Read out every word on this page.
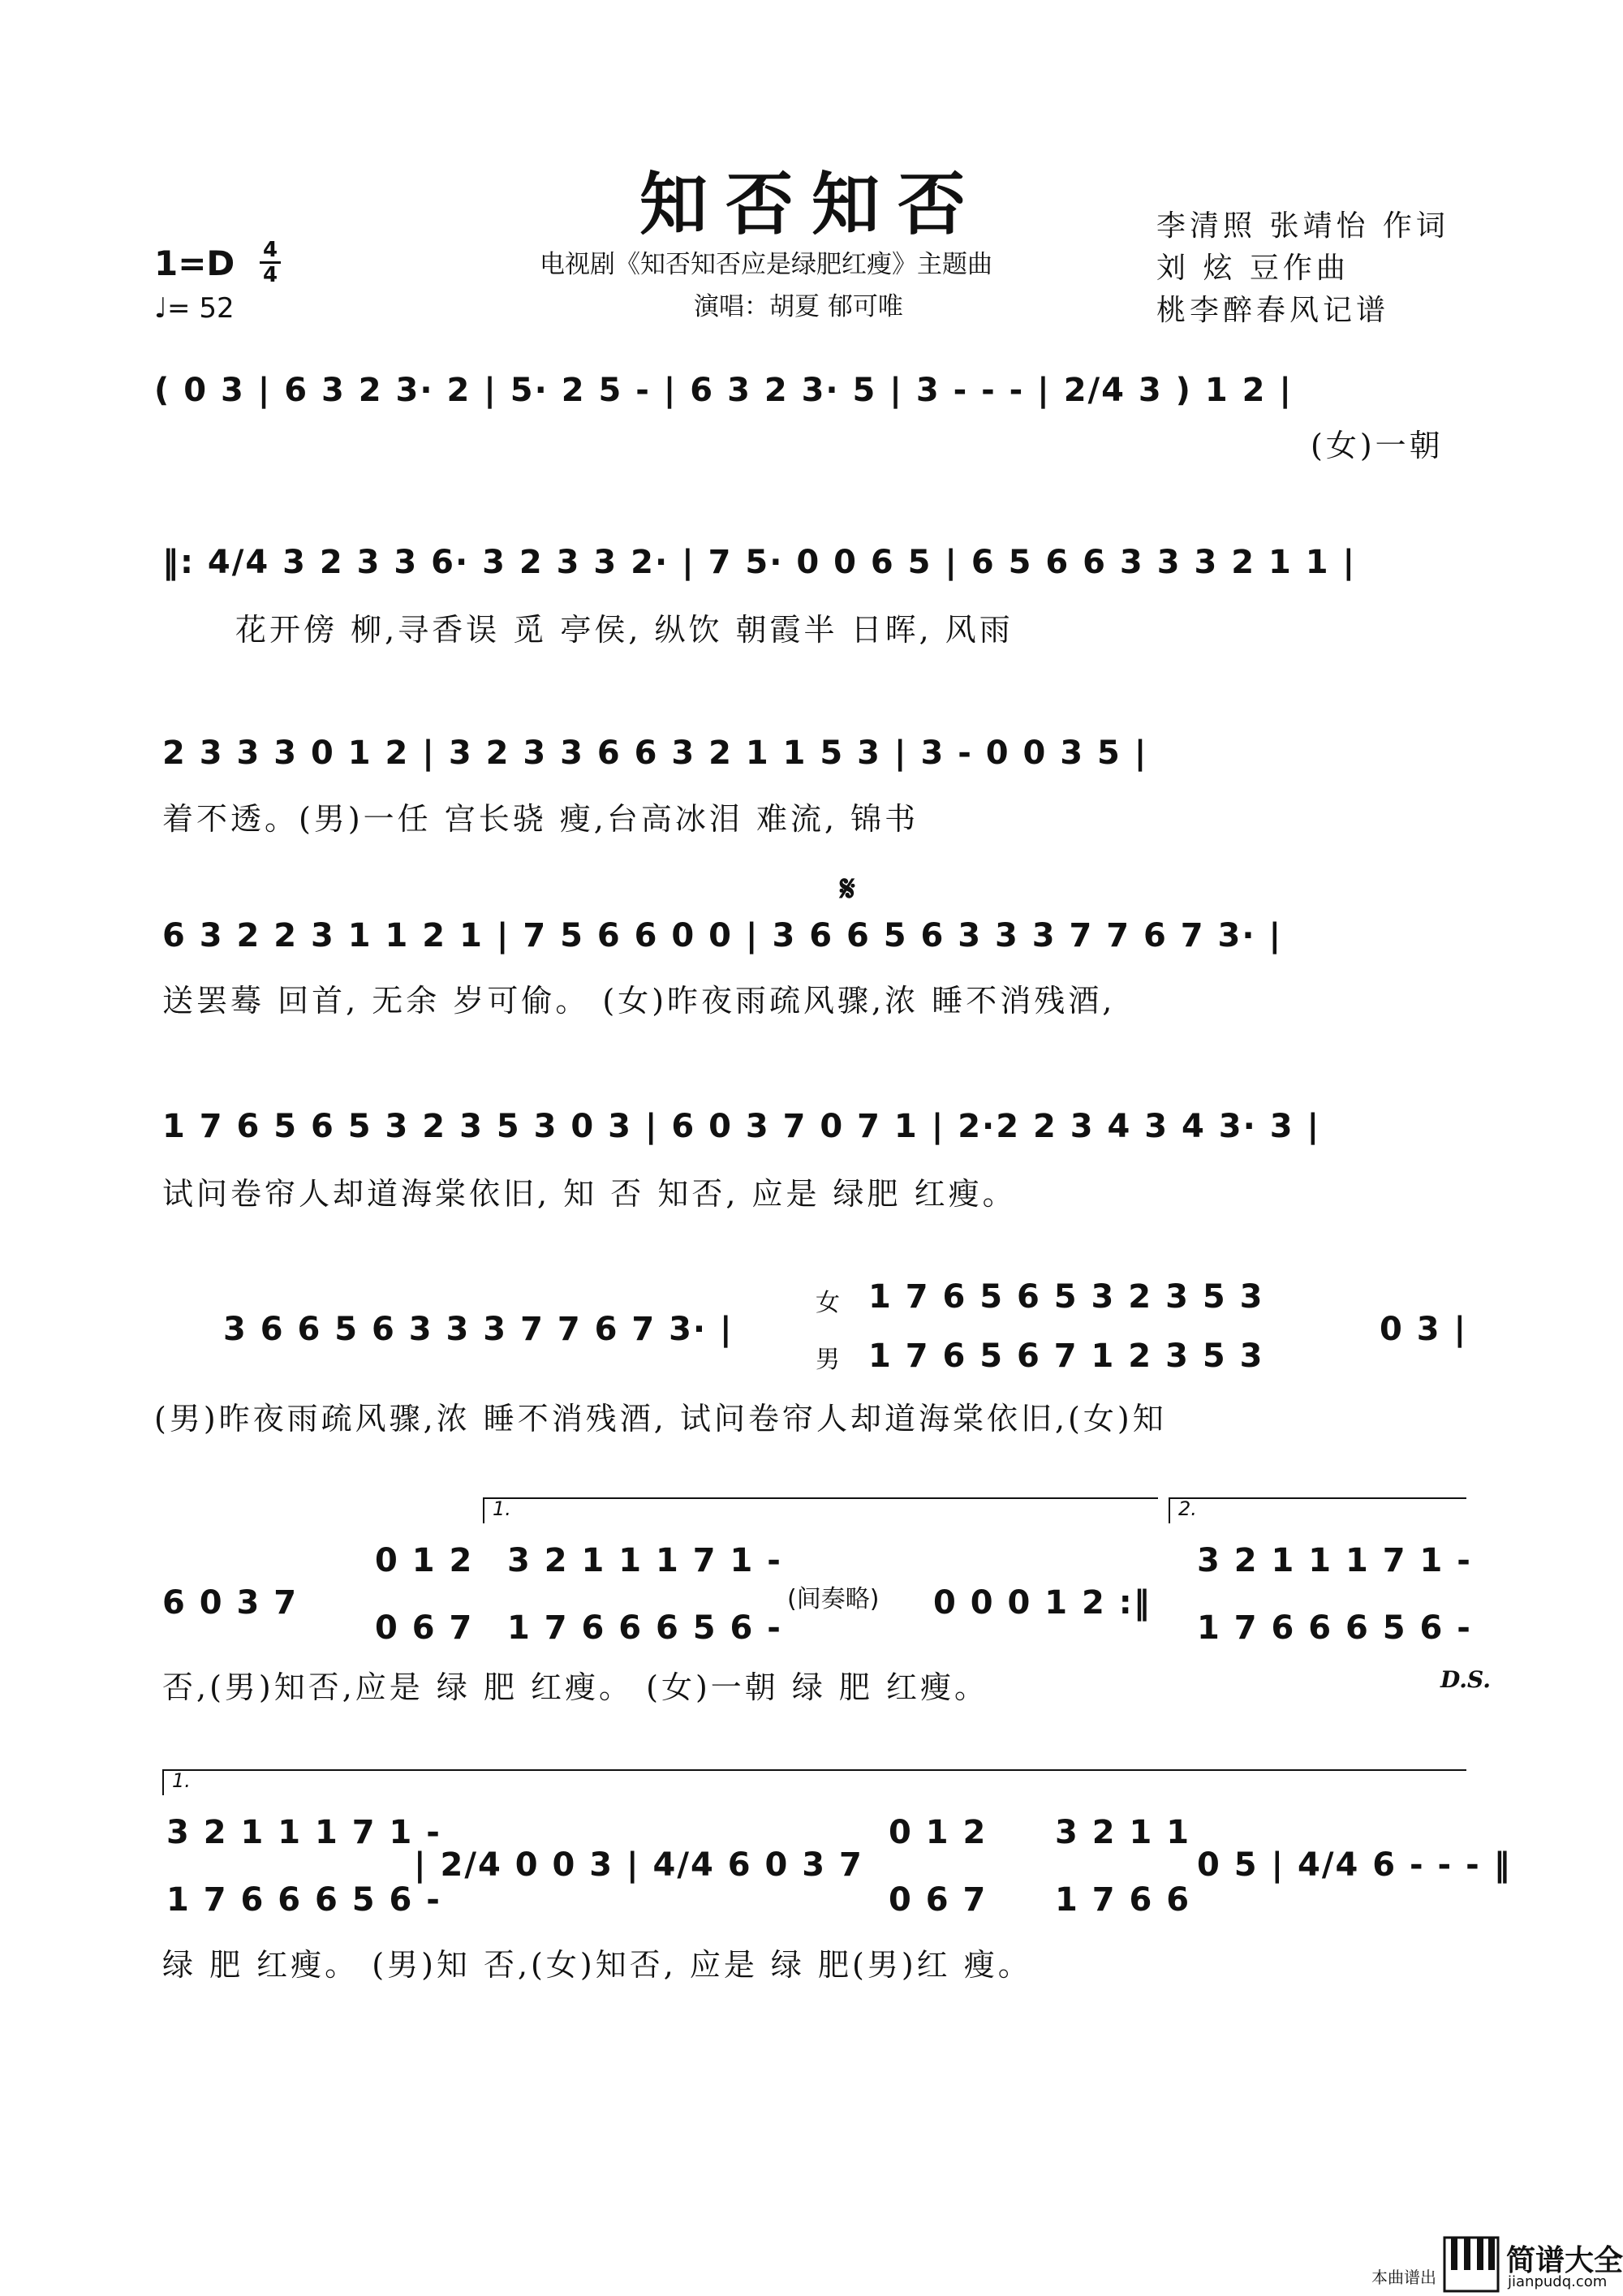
知否知否
电视剧《知否知否应是绿肥红瘦》主题曲
演唱：胡夏 郁可唯
李清照 张靖怡 作词
刘 炫 豆作曲
桃李醉春风记谱
1=D 4
4
♩= 52
( 0 3 | 6 3 2 3· 2 | 5· 2 5 - | 6 3 2 3· 5 | 3 - - - | 2/4 3 ) 1 2 |
(女)一朝
‖: 4/4 3 2 3 3 6· 3 2 3 3 2· | 7 5· 0 0 6 5 | 6 5 6 6 3 3 3 2 1 1 |
花开傍 柳,寻香误 觅 亭侯, 纵饮 朝霞半 日晖, 风雨
2 3 3 3 0 1 2 | 3 2 3 3 6 6 3 2 1 1 5 3 | 3 - 0 0 3 5 |
着不透。(男)一任 宫长骁 瘦,台高冰泪 难流, 锦书
𝄋
6 3 2 2 3 1 1 2 1 | 7 5 6 6 0 0 | 3 6 6 5 6 3 3 3 7 7 6 7 3· |
送罢蓦 回首, 无余 岁可偷。 (女)昨夜雨疏风骤,浓 睡不消残酒,
1 7 6 5 6 5 3 2 3 5 3 0 3 | 6 0 3 7 0 7 1 | 2·2 2 3 4 3 4 3· 3 |
试问卷帘人却道海棠依旧, 知 否 知否, 应是 绿肥 红瘦。
3 6 6 5 6 3 3 3 7 7 6 7 3· |
女
男
1 7 6 5 6 5 3 2 3 5 3
1 7 6 5 6 7 1 2 3 5 3
0 3 |
(男)昨夜雨疏风骤,浓 睡不消残酒, 试问卷帘人却道海棠依旧,(女)知
1.	2.
6 0 3 7
0 1 2
0 6 7
3 2 1 1 1 7 1 -
1 7 6 6 6 5 6 -
(间奏略) 0 0 0 1 2 :‖
3 2 1 1 1 7 1 -
1 7 6 6 6 5 6 -
否,(男)知否,应是 绿 肥 红瘦。 (女)一朝 绿 肥 红瘦。	D.S.
1.
3 2 1 1 1 7 1 -
1 7 6 6 6 5 6 -
| 2/4 0 0 3 | 4/4 6 0 3 7
0 1 2
0 6 7
3 2 1 1
1 7 6 6
0 5 | 4/4 6 - - - ‖
绿 肥 红瘦。 (男)知 否,(女)知否, 应是 绿 肥(男)红 瘦。
本曲谱出 简谱大全
jianpudq.com
